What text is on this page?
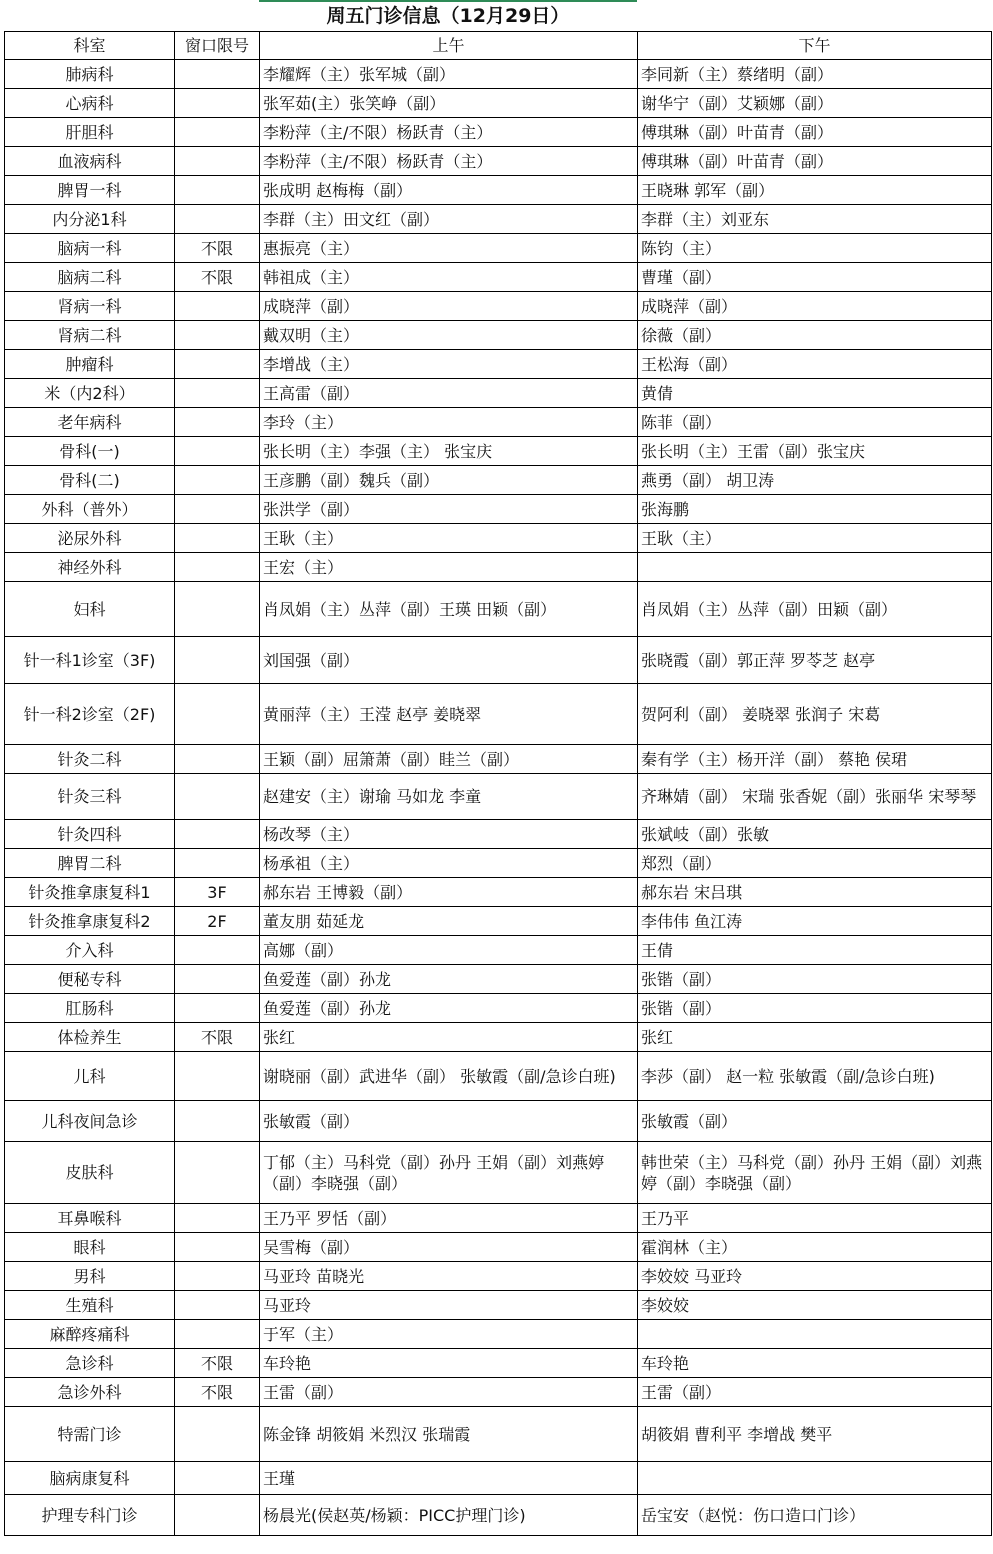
周五门诊信息（12月29日）
科室	窗口限号	上午	下午
肺病科		李耀辉（主）张军城（副）	李同新（主）蔡绪明（副）
心病科		张军茹(主）张笑峥（副）	谢华宁（副）艾颖娜（副）
肝胆科		李粉萍（主/不限）杨跃青（主）	傅琪琳（副）叶苗青（副）
血液病科		李粉萍（主/不限）杨跃青（主）	傅琪琳（副）叶苗青（副）
脾胃一科		张成明 赵梅梅（副）	王晓琳 郭军（副）
内分泌1科		李群（主）田文红（副）	李群（主）刘亚东
脑病一科	不限	惠振亮（主）	陈钧（主）
脑病二科	不限	韩祖成（主）	曹瑾（副）
肾病一科		成晓萍（副）	成晓萍（副）
肾病二科		戴双明（主）	徐薇（副）
肿瘤科		李增战（主）	王松海（副）
米（内2科）		王高雷（副）	黄倩
老年病科		李玲（主）	陈菲（副）
骨科(一)		张长明（主）李强（主） 张宝庆	张长明（主）王雷（副）张宝庆
骨科(二)		王彦鹏（副）魏兵（副）	燕勇（副） 胡卫涛
外科（普外）		张洪学（副）	张海鹏
泌尿外科		王耿（主）	王耿（主）
神经外科		王宏（主）	
妇科		肖凤娟（主）丛萍（副）王瑛 田颖（副）	肖凤娟（主）丛萍（副）田颖（副）
针一科1诊室（3F)		刘国强（副）	张晓霞（副）郭正萍 罗苓芝 赵亭
针一科2诊室（2F)		黄丽萍（主）王滢 赵亭 姜晓翠	贺阿利（副） 姜晓翠 张润子 宋葛
针灸二科		王颖（副）屈箫萧（副）眭兰（副）	秦有学（主）杨开洋（副） 蔡艳 侯珺
针灸三科		赵建安（主）谢瑜 马如龙 李童	齐琳婧（副） 宋瑞 张香妮（副）张丽华 宋琴琴
针灸四科		杨改琴（主）	张斌岐（副）张敏
脾胃二科		杨承祖（主）	郑烈（副）
针灸推拿康复科1	3F	郝东岩 王博毅（副）	郝东岩 宋吕琪
针灸推拿康复科2	2F	董友朋 茹延龙	李伟伟 鱼江涛
介入科		高娜（副）	王倩
便秘专科		鱼爱莲（副）孙龙	张锴（副）
肛肠科		鱼爱莲（副）孙龙	张锴（副）
体检养生	不限	张红	张红
儿科		谢晓丽（副）武进华（副） 张敏霞（副/急诊白班)	李莎（副） 赵一粒 张敏霞（副/急诊白班)
儿科夜间急诊		张敏霞（副）	张敏霞（副）
皮肤科		丁郁（主）马科党（副）孙丹 王娟（副）刘燕婷（副）李晓强（副）	韩世荣（主）马科党（副）孙丹 王娟（副）刘燕婷（副）李晓强（副）
耳鼻喉科		王乃平 罗恬（副）	王乃平
眼科		吴雪梅（副）	霍润林（主）
男科		马亚玲 苗晓光	李姣姣 马亚玲
生殖科		马亚玲	李姣姣
麻醉疼痛科		于军（主）	
急诊科	不限	车玲艳	车玲艳
急诊外科	不限	王雷（副）	王雷（副）
特需门诊		陈金锋 胡筱娟 米烈汉 张瑞霞	胡筱娟 曹利平 李增战 樊平
脑病康复科		王瑾	
护理专科门诊		杨晨光(侯赵英/杨颖：PICC护理门诊)	岳宝安（赵悦：伤口造口门诊）
